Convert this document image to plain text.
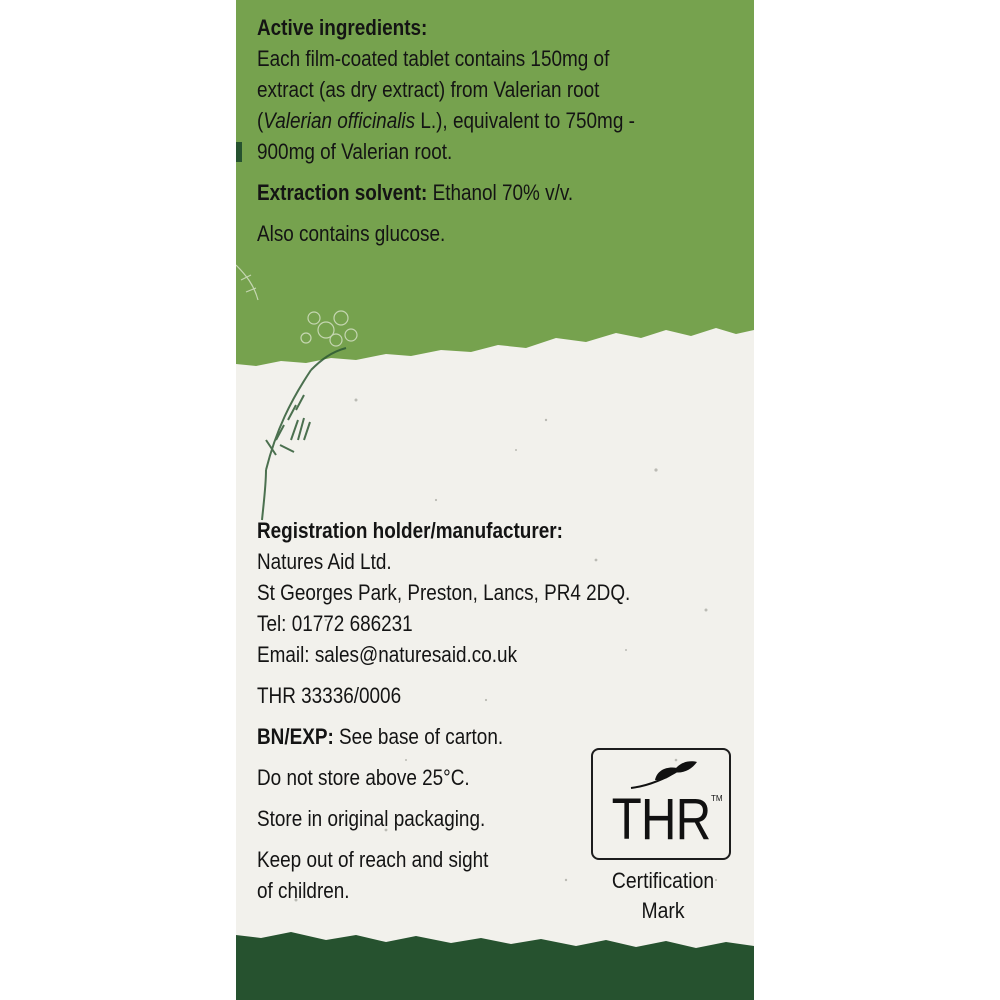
Active ingredients:
Each film-coated tablet contains 150mg of
extract (as dry extract) from Valerian root
(Valerian officinalis L.), equivalent to 750mg -
900mg of Valerian root.
Extraction solvent: Ethanol 70% v/v.
Also contains glucose.
Registration holder/manufacturer:
Natures Aid Ltd.
St Georges Park, Preston, Lancs, PR4 2DQ.
Tel: 01772 686231
Email: sales@naturesaid.co.uk
THR 33336/0006
BN/EXP: See base of carton.
Do not store above 25°C.
Store in original packaging.
Keep out of reach and sight
of children.
THR TM
Certification
Mark
